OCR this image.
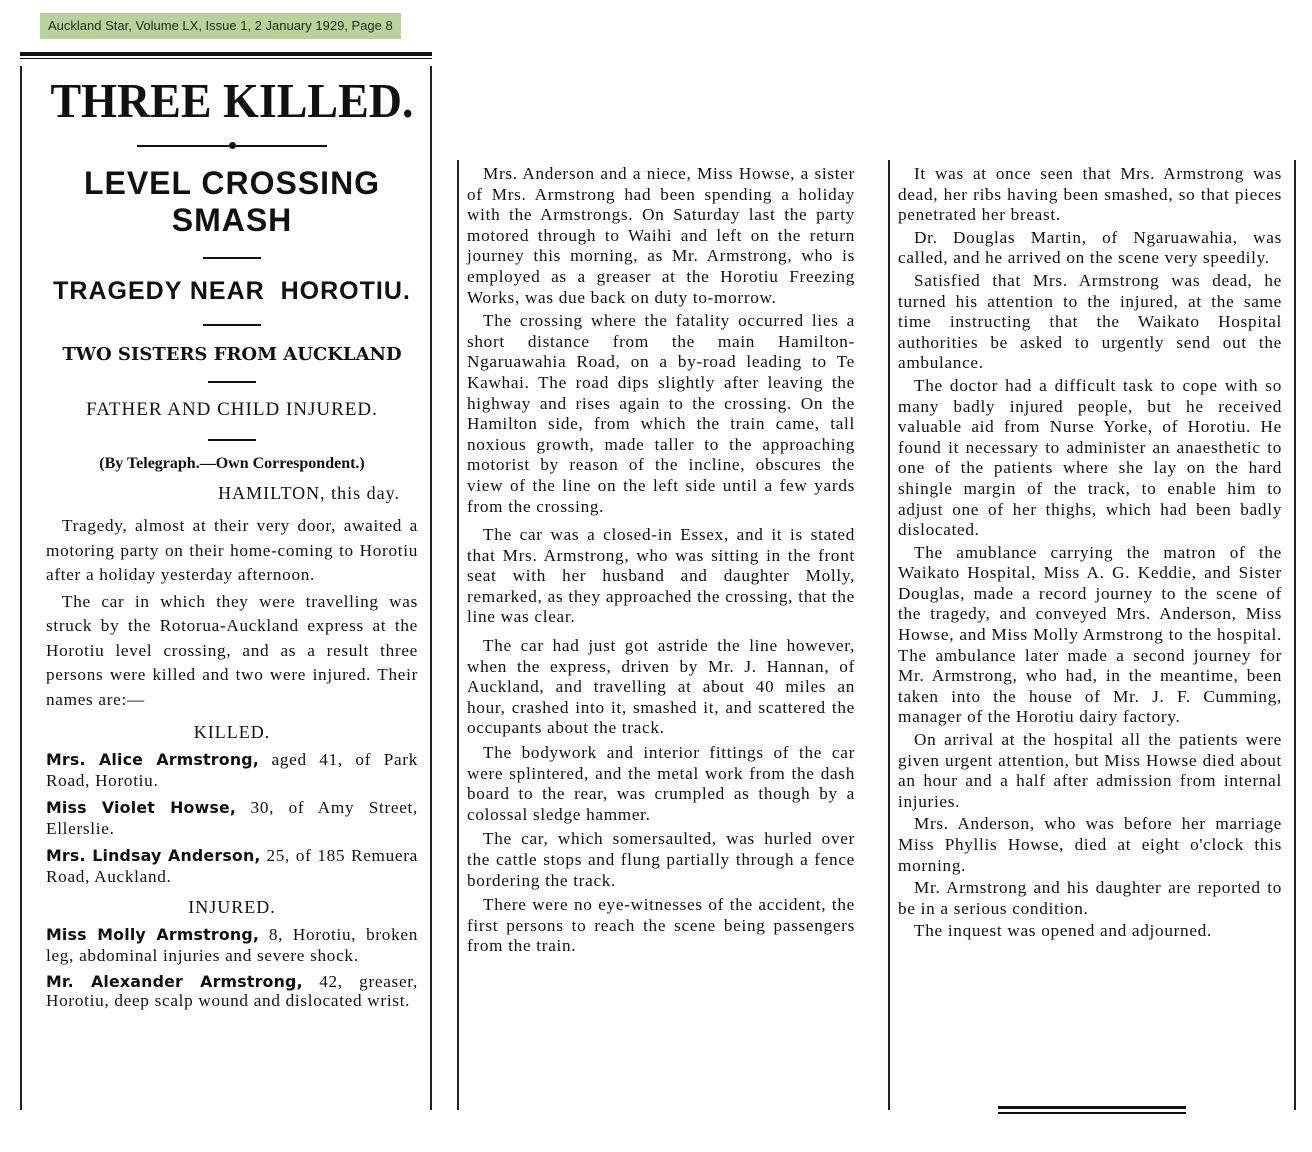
Auckland Star, Volume LX, Issue 1, 2 January 1929, Page 8
THREE KILLED.
LEVEL CROSSING SMASH
TRAGEDY NEAR  HOROTIU.
TWO SISTERS FROM AUCKLAND
FATHER AND CHILD INJURED.
(By Telegraph.—Own Correspondent.)
HAMILTON, this day.

Tragedy, almost at their very door, awaited a motoring party on their home-coming to Horotiu after a holiday yesterday afternoon.

The car in which they were travelling was struck by the Rotorua-Auckland express at the Horotiu level crossing, and as a result three persons were killed and two were injured. Their names are:—

KILLED.

Mrs. Alice Armstrong, aged 41, of Park Road, Horotiu.

Miss Violet Howse, 30, of Amy Street, Ellerslie.

Mrs. Lindsay Anderson, 25, of 185 Remuera Road, Auckland.

INJURED.

Miss Molly Armstrong, 8, Horotiu, broken leg, abdominal injuries and severe shock.

Mr. Alexander Armstrong, 42, greaser, Horotiu, deep scalp wound and dislocated wrist.

Mrs. Anderson and a niece, Miss Howse, a sister of Mrs. Armstrong had been spending a holiday with the Armstrongs. On Saturday last the party motored through to Waihi and left on the return journey this morning, as Mr. Armstrong, who is employed as a greaser at the Horotiu Freezing Works, was due back on duty to-morrow.

The crossing where the fatality occurred lies a short distance from the main Hamilton-Ngaruawahia Road, on a by-road leading to Te Kawhai. The road dips slightly after leaving the highway and rises again to the crossing. On the Hamilton side, from which the train came, tall noxious growth, made taller to the approaching motorist by reason of the incline, obscures the view of the line on the left side until a few yards from the crossing.

The car was a closed-in Essex, and it is stated that Mrs. Armstrong, who was sitting in the front seat with her husband and daughter Molly, remarked, as they approached the crossing, that the line was clear.

The car had just got astride the line however, when the express, driven by Mr. J. Hannan, of Auckland, and travelling at about 40 miles an hour, crashed into it, smashed it, and scattered the occupants about the track.

The bodywork and interior fittings of the car were splintered, and the metal work from the dash board to the rear, was crumpled as though by a colossal sledge hammer.

The car, which somersaulted, was hurled over the cattle stops and flung partially through a fence bordering the track.

There were no eye-witnesses of the accident, the first persons to reach the scene being passengers from the train.

It was at once seen that Mrs. Armstrong was dead, her ribs having been smashed, so that pieces penetrated her breast.

Dr. Douglas Martin, of Ngaruawahia, was called, and he arrived on the scene very speedily.

Satisfied that Mrs. Armstrong was dead, he turned his attention to the injured, at the same time instructing that the Waikato Hospital authorities be asked to urgently send out the ambulance.

The doctor had a difficult task to cope with so many badly injured people, but he received valuable aid from Nurse Yorke, of Horotiu. He found it necessary to administer an anaesthetic to one of the patients where she lay on the hard shingle margin of the track, to enable him to adjust one of her thighs, which had been badly dislocated.

The amublance carrying the matron of the Waikato Hospital, Miss A. G. Keddie, and Sister Douglas, made a record journey to the scene of the tragedy, and conveyed Mrs. Anderson, Miss Howse, and Miss Molly Armstrong to the hospital. The ambulance later made a second journey for Mr. Armstrong, who had, in the meantime, been taken into the house of Mr. J. F. Cumming, manager of the Horotiu dairy factory.

On arrival at the hospital all the patients were given urgent attention, but Miss Howse died about an hour and a half after admission from internal injuries.

Mrs. Anderson, who was before her marriage Miss Phyllis Howse, died at eight o'clock this morning.

Mr. Armstrong and his daughter are reported to be in a serious condition.

The inquest was opened and adjourned.
